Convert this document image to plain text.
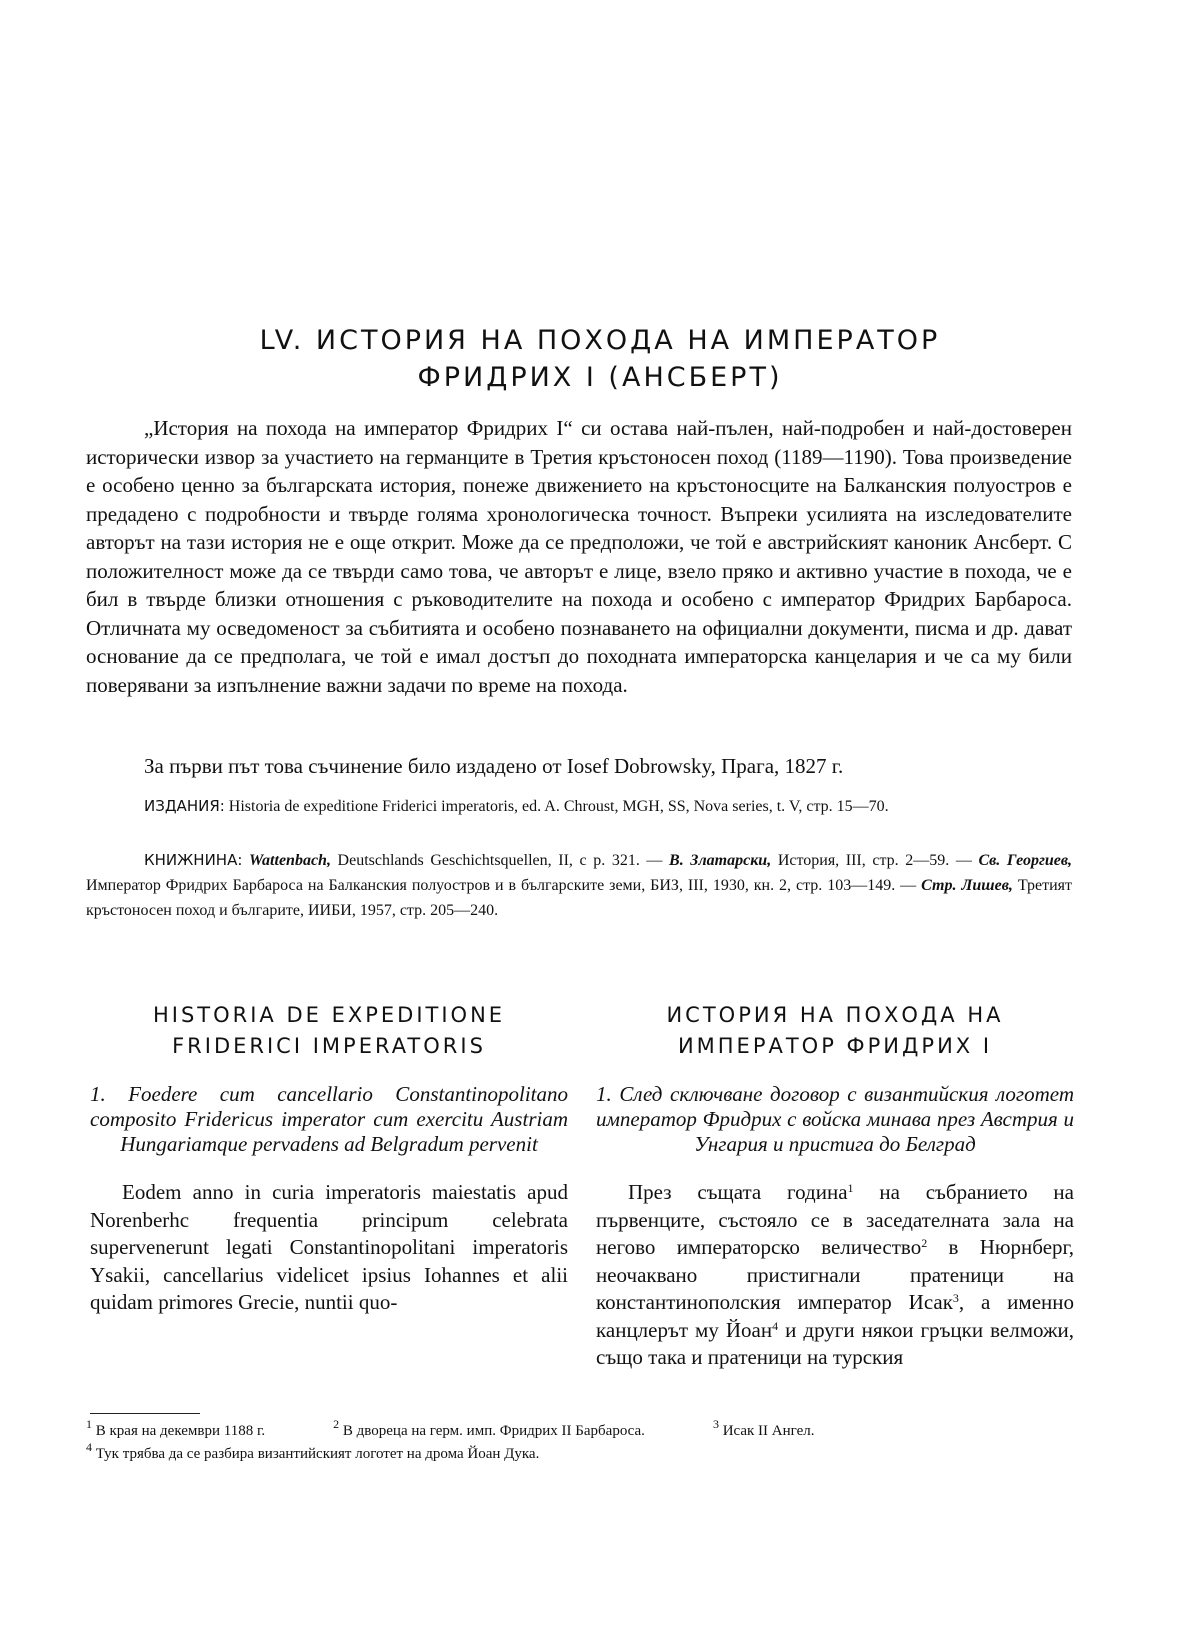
LV. ИСТОРИЯ НА ПОХОДА НА ИМПЕРАТОР
ФРИДРИХ I (АНСБЕРТ)

„История на похода на император Фридрих I“ си остава най-пълен, най-подробен и най-достоверен исторически извор за участието на германците в Третия кръстоносен поход (1189—1190). Това произведение е особено ценно за българската история, понеже движението на кръстоносците на Балканския полуостров е предадено с подробности и твърде голяма хронологическа точност. Въпреки усилията на изследователите авторът на тази история не е още открит. Може да се предположи, че той е австрийският каноник Ансберт. С положителност може да се твърди само това, че авторът е лице, взело пряко и активно участие в похода, че е бил в твърде близки отношения с ръководителите на похода и особено с император Фридрих Барбароса. Отличната му осведоменост за събитията и особено познаването на официални документи, писма и др. дават основание да се предполага, че той е имал достъп до походната императорска канцелария и че са му били поверявани за изпълнение важни задачи по време на похода.

За първи път това съчинение било издадено от Iosef Dobrowsky, Прага, 1827 г.

ИЗДАНИЯ: Historia de expeditione Friderici imperatoris, ed. A. Chroust, MGH, SS, Nova series, t. V, стр. 15—70.

КНИЖНИНА: Wattenbach, Deutschlands Geschichtsquellen, II, с р. 321. — В. Златарски, История, III, стр. 2—59. — Св. Георгиев, Император Фридрих Барбароса на Балканския полуостров и в българските земи, БИЗ, III, 1930, кн. 2, стр. 103—149. — Стр. Лишев, Третият кръстоносен поход и българите, ИИБИ, 1957, стр. 205—240.

HISTORIA DE EXPEDITIONE

FRIDERICI IMPERATORIS

1. Foedere cum cancellario Constantinopolitano composito Fridericus imperator cum exercitu Austriam Hungariamque pervadens ad Belgradum pervenit

Eodem anno in curia imperatoris maiestatis apud Norenberhc frequentia principum celebrata supervenerunt legati Constantinopolitani imperatoris Ysakii, cancellarius videlicet ipsius Iohannes et alii quidam primores Grecie, nuntii quo-

ИСТОРИЯ НА ПОХОДА НА

ИМПЕРАТОР ФРИДРИХ I

1. След сключване договор с византийския логотет император Фридрих с войска минава през Австрия и Унгария и пристига до Белград

През същата година$^1$ на събранието на първенците, състояло се в заседателната зала на негово императорско величество$^2$ в Нюрнберг, неочаквано пристигнали пратеници на константинополския император Исак$^3$, а именно канцлерът му Йоан$^4$ и други някои гръцки велможи, също така и пратеници на турския

$^1$ В края на декември 1188 г.	$^2$ В двореца на герм. имп. Фридрих II Барбароса.	$^3$ Исак II Ангел.

$^4$ Тук трябва да се разбира византийският логотет на дрома Йоан Дука.
